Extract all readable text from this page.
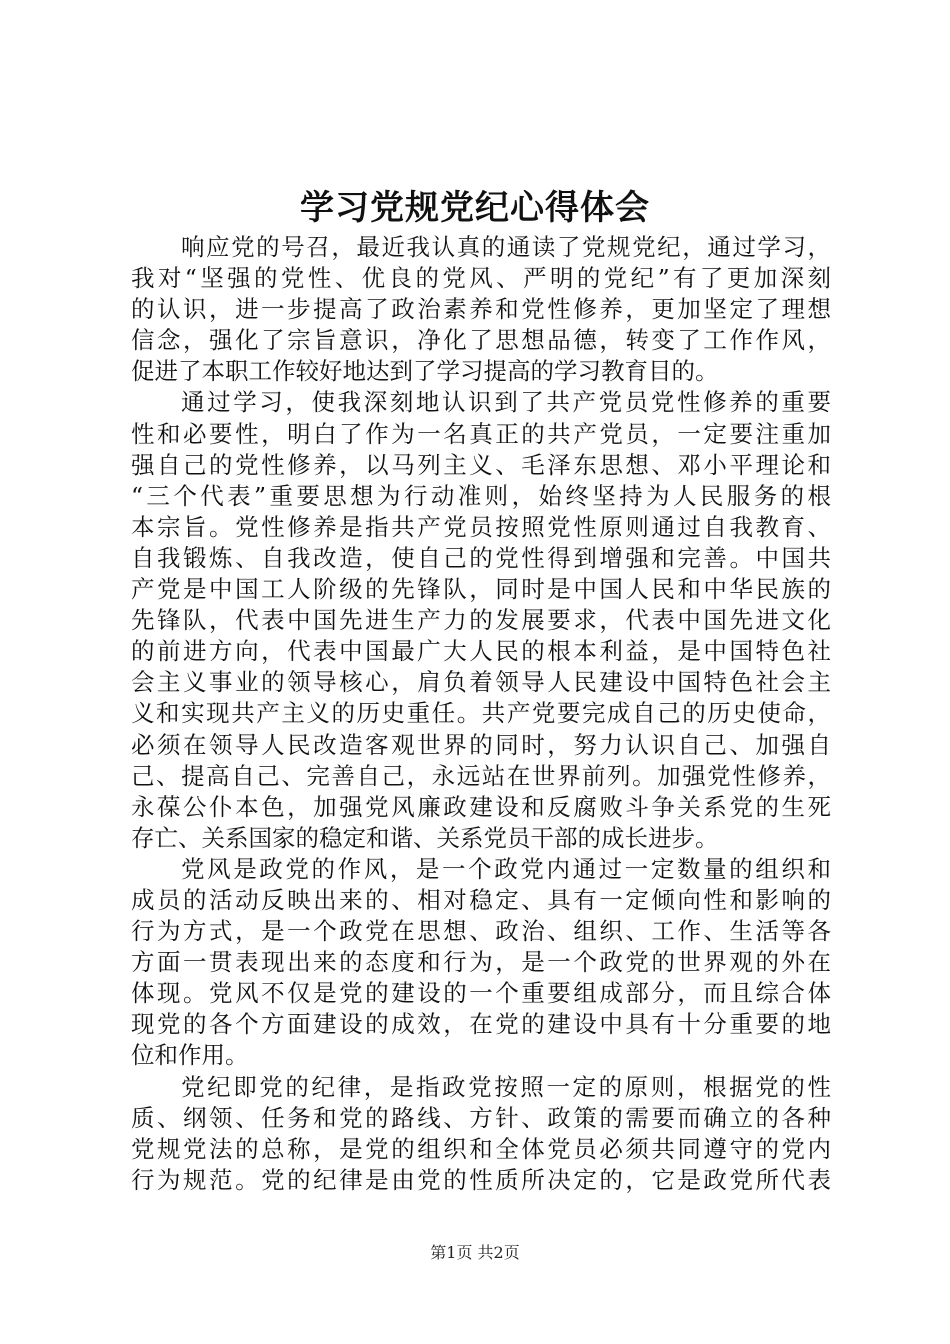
学习党规党纪心得体会
响应党的号召，最近我认真的通读了党规党纪，通过学习，
我对“坚强的党性、优良的党风、严明的党纪”有了更加深刻
的认识，进一步提高了政治素养和党性修养，更加坚定了理想
信念，强化了宗旨意识，净化了思想品德，转变了工作作风，
促进了本职工作较好地达到了学习提高的学习教育目的。
通过学习，使我深刻地认识到了共产党员党性修养的重要
性和必要性，明白了作为一名真正的共产党员，一定要注重加
强自己的党性修养，以马列主义、毛泽东思想、邓小平理论和
“三个代表”重要思想为行动准则，始终坚持为人民服务的根
本宗旨。党性修养是指共产党员按照党性原则通过自我教育、
自我锻炼、自我改造，使自己的党性得到增强和完善。中国共
产党是中国工人阶级的先锋队，同时是中国人民和中华民族的
先锋队，代表中国先进生产力的发展要求，代表中国先进文化
的前进方向，代表中国最广大人民的根本利益，是中国特色社
会主义事业的领导核心，肩负着领导人民建设中国特色社会主
义和实现共产主义的历史重任。共产党要完成自己的历史使命，
必须在领导人民改造客观世界的同时，努力认识自己、加强自
己、提高自己、完善自己，永远站在世界前列。加强党性修养，
永葆公仆本色，加强党风廉政建设和反腐败斗争关系党的生死
存亡、关系国家的稳定和谐、关系党员干部的成长进步。
党风是政党的作风，是一个政党内通过一定数量的组织和
成员的活动反映出来的、相对稳定、具有一定倾向性和影响的
行为方式，是一个政党在思想、政治、组织、工作、生活等各
方面一贯表现出来的态度和行为，是一个政党的世界观的外在
体现。党风不仅是党的建设的一个重要组成部分，而且综合体
现党的各个方面建设的成效，在党的建设中具有十分重要的地
位和作用。
党纪即党的纪律，是指政党按照一定的原则，根据党的性
质、纲领、任务和党的路线、方针、政策的需要而确立的各种
党规党法的总称，是党的组织和全体党员必须共同遵守的党内
行为规范。党的纪律是由党的性质所决定的，它是政党所代表
第1页 共2页
